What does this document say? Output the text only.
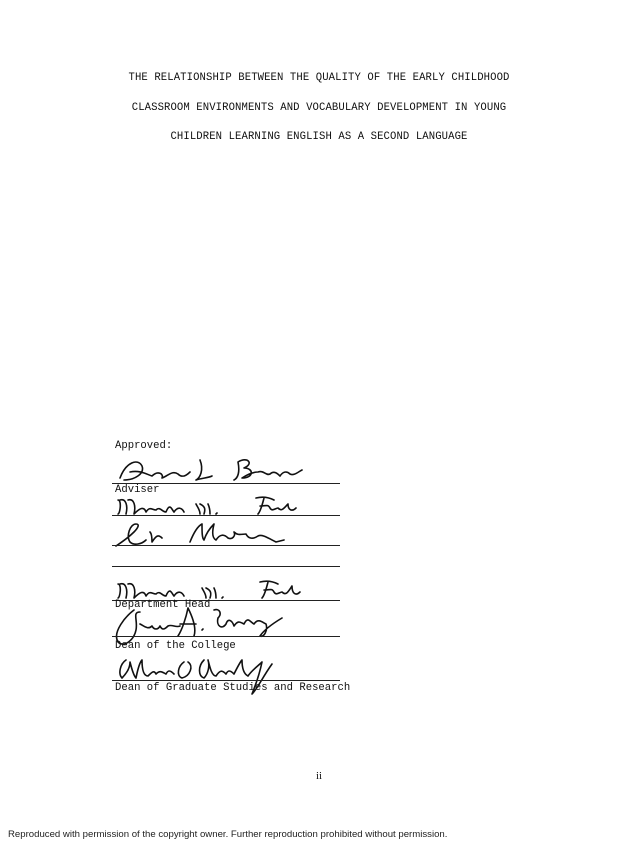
THE RELATIONSHIP BETWEEN THE QUALITY OF THE EARLY CHILDHOOD
CLASSROOM ENVIRONMENTS AND VOCABULARY DEVELOPMENT IN YOUNG
CHILDREN LEARNING ENGLISH AS A SECOND LANGUAGE
Approved:
Adviser
Department Head
Dean of the College
Dean of Graduate Studies and Research
ii
Reproduced with permission of the copyright owner. Further reproduction prohibited without permission.
